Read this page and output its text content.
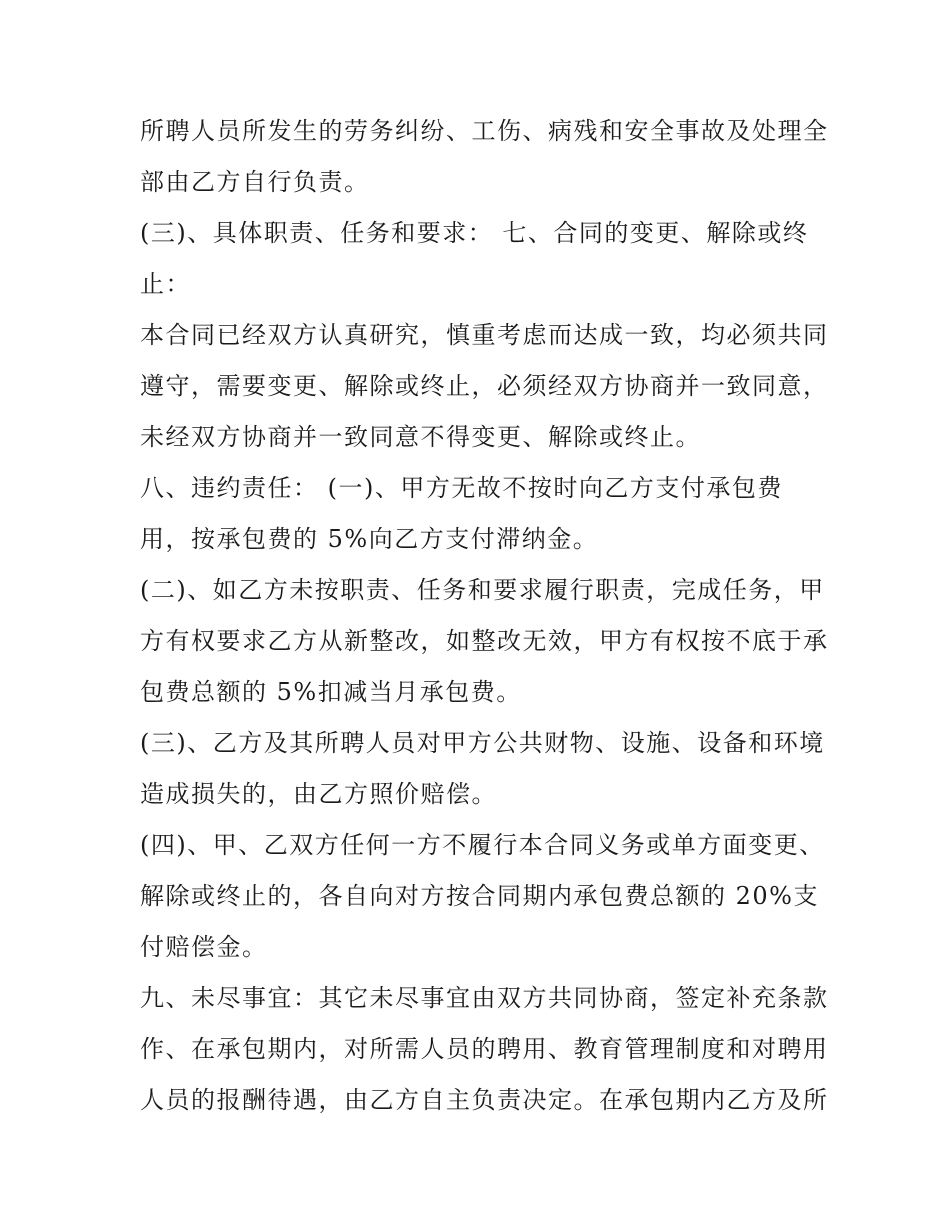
所聘人员所发生的劳务纠纷、工伤、病残和安全事故及处理全
部由乙方自行负责。
(三)、具体职责、任务和要求： 七、合同的变更、解除或终
止：
本合同已经双方认真研究，慎重考虑而达成一致，均必须共同
遵守，需要变更、解除或终止，必须经双方协商并一致同意，
未经双方协商并一致同意不得变更、解除或终止。
八、违约责任： (一)、甲方无故不按时向乙方支付承包费
用，按承包费的 5%向乙方支付滞纳金。
(二)、如乙方未按职责、任务和要求履行职责，完成任务，甲
方有权要求乙方从新整改，如整改无效，甲方有权按不底于承
包费总额的 5%扣减当月承包费。
(三)、乙方及其所聘人员对甲方公共财物、设施、设备和环境
造成损失的，由乙方照价赔偿。
(四)、甲、乙双方任何一方不履行本合同义务或单方面变更、
解除或终止的，各自向对方按合同期内承包费总额的 20%支
付赔偿金。
九、未尽事宜：其它未尽事宜由双方共同协商，签定补充条款
作、在承包期内，对所需人员的聘用、教育管理制度和对聘用
人员的报酬待遇，由乙方自主负责决定。在承包期内乙方及所
